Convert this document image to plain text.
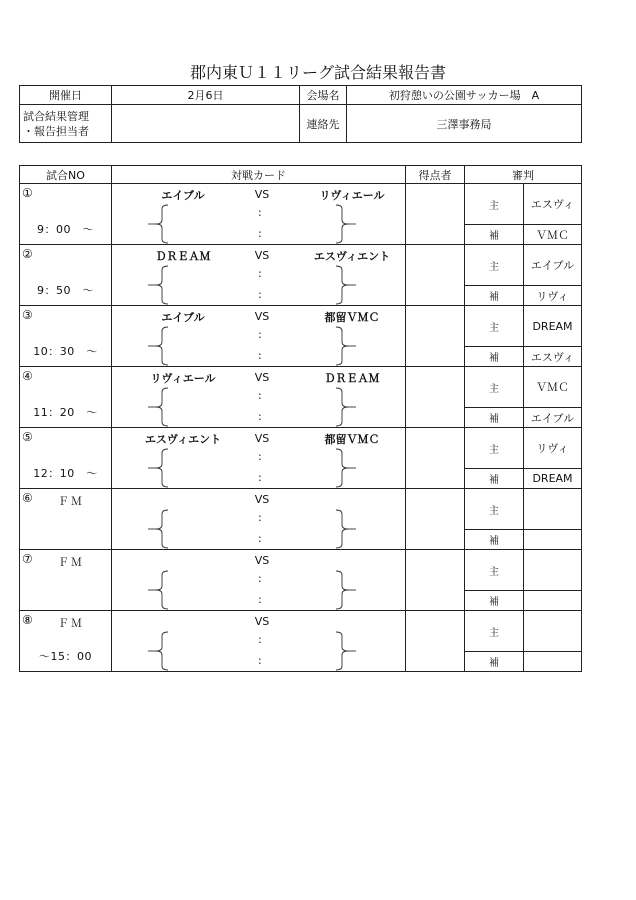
郡内東Ｕ１１リーグ試合結果報告書
開催日	2月6日	会場名	初狩憩いの公園サッカー場　A

試合結果管理
・報告担当者		連絡先	三澤事務局
試合NO	対戦カード	得点者	審判	

①
9：00　～	エイブル VS リヴィエール
:
:		主	エスヴィ
			補	ＶＭＣ

②
9：50　～	ＤＲＥＡＭ VS エスヴィエント
:
:		主	エイブル
			補	リヴィ

③
10：30　～	エイブル VS 都留ＶＭＣ
:
:		主	DREAM
			補	エスヴィ

④
11：20　～	リヴィエール VS ＤＲＥＡＭ
:
:		主	ＶＭＣ
			補	エイブル

⑤
12：10　～	エスヴィエント VS 都留ＶＭＣ
:
:		主	リヴィ
			補	DREAM

⑥ ＦＭ	VS
:
:		主	
			補	

⑦ ＦＭ	VS
:
:		主	
			補	

⑧ ＦＭ
～15：00	VS
:
:		主	
			補	
